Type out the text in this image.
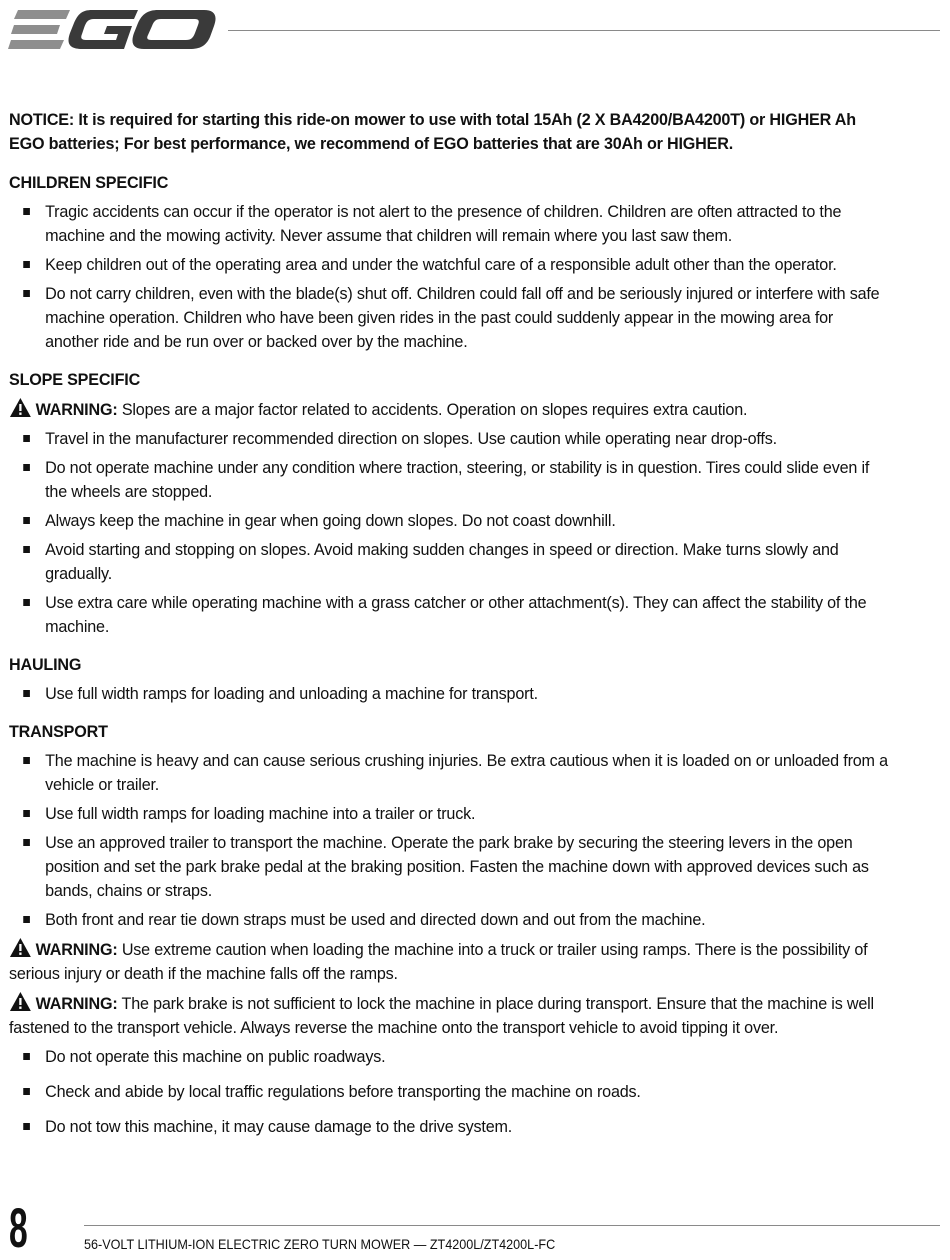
NOTICE: It is required for starting this ride-on mower to use with total 15Ah (2 X BA4200/BA4200T) or HIGHER Ah EGO batteries; For best performance, we recommend of EGO batteries that are 30Ah or HIGHER.

CHILDREN SPECIFIC
Tragic accidents can occur if the operator is not alert to the presence of children. Children are often attracted to the machine and the mowing activity. Never assume that children will remain where you last saw them.
Keep children out of the operating area and under the watchful care of a responsible adult other than the operator.
Do not carry children, even with the blade(s) shut off. Children could fall off and be seriously injured or interfere with safe machine operation. Children who have been given rides in the past could suddenly appear in the mowing area for another ride and be run over or backed over by the machine.
SLOPE SPECIFIC
WARNING: Slopes are a major factor related to accidents. Operation on slopes requires extra caution.
Travel in the manufacturer recommended direction on slopes. Use caution while operating near drop-offs.
Do not operate machine under any condition where traction, steering, or stability is in question. Tires could slide even if the wheels are stopped.
Always keep the machine in gear when going down slopes. Do not coast downhill.
Avoid starting and stopping on slopes. Avoid making sudden changes in speed or direction. Make turns slowly and gradually.
Use extra care while operating machine with a grass catcher or other attachment(s). They can affect the stability of the machine.
HAULING
Use full width ramps for loading and unloading a machine for transport.
TRANSPORT
The machine is heavy and can cause serious crushing injuries. Be extra cautious when it is loaded on or unloaded from a vehicle or trailer.
Use full width ramps for loading machine into a trailer or truck.
Use an approved trailer to transport the machine. Operate the park brake by securing the steering levers in the open position and set the park brake pedal at the braking position. Fasten the machine down with approved devices such as bands, chains or straps.
Both front and rear tie down straps must be used and directed down and out from the machine.
WARNING: Use extreme caution when loading the machine into a truck or trailer using ramps. There is the possibility of serious injury or death if the machine falls off the ramps.
WARNING: The park brake is not sufficient to lock the machine in place during transport. Ensure that the machine is well fastened to the transport vehicle. Always reverse the machine onto the transport vehicle to avoid tipping it over.
Do not operate this machine on public roadways.
Check and abide by local traffic regulations before transporting the machine on roads.
Do not tow this machine, it may cause damage to the drive system.
8	56-VOLT LITHIUM-ION ELECTRIC ZERO TURN MOWER — ZT4200L/ZT4200L-FC
